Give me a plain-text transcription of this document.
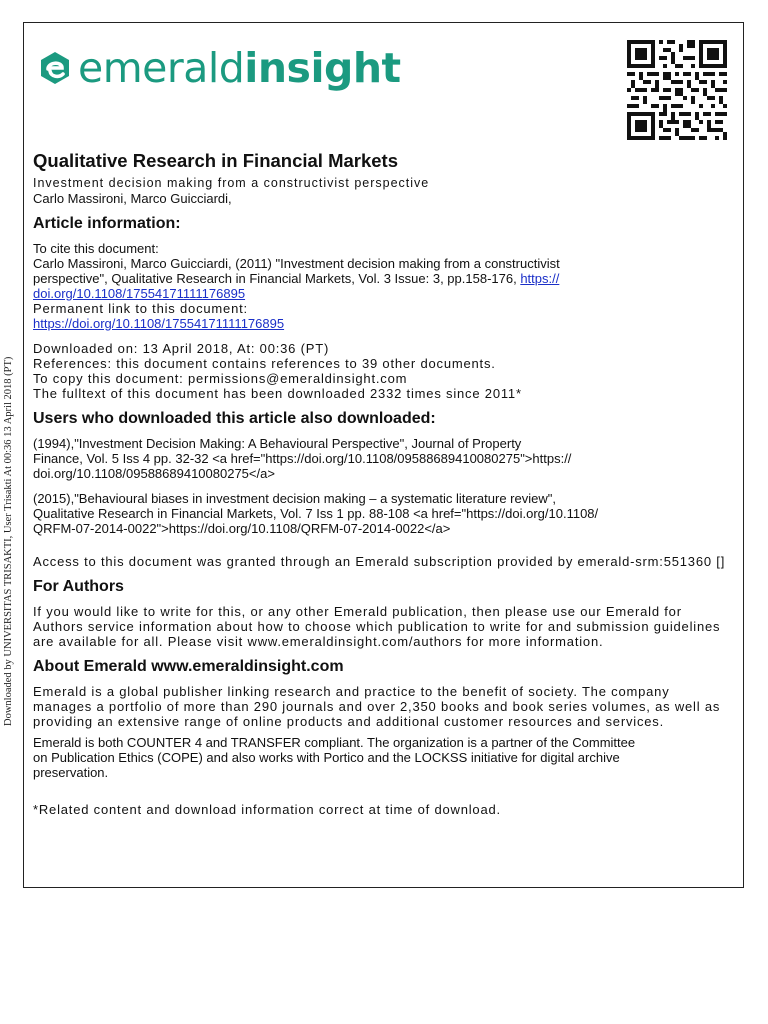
Downloaded by UNIVERSITAS TRISAKTI, User Trisakti At 00:36 13 April 2018 (PT)
emeraldinsight

Qualitative Research in Financial Markets

Investment decision making from a constructivist perspective

Carlo Massironi, Marco Guicciardi,

Article information:

To cite this document:

Carlo Massironi, Marco Guicciardi, (2011) "Investment decision making from a constructivist

perspective", Qualitative Research in Financial Markets, Vol. 3 Issue: 3, pp.158-176, https://

doi.org/10.1108/17554171111176895

Permanent link to this document:

https://doi.org/10.1108/17554171111176895

Downloaded on: 13 April 2018, At: 00:36 (PT)

References: this document contains references to 39 other documents.

To copy this document: permissions@emeraldinsight.com

The fulltext of this document has been downloaded 2332 times since 2011*

Users who downloaded this article also downloaded:

(1994),"Investment Decision Making: A Behavioural Perspective", Journal of Property

Finance, Vol. 5 Iss 4 pp. 32-32 <a href="https://doi.org/10.1108/09588689410080275">https://

doi.org/10.1108/09588689410080275</a>

(2015),"Behavioural biases in investment decision making – a systematic literature review",

Qualitative Research in Financial Markets, Vol. 7 Iss 1 pp. 88-108 <a href="https://doi.org/10.1108/

QRFM-07-2014-0022">https://doi.org/10.1108/QRFM-07-2014-0022</a>

Access to this document was granted through an Emerald subscription provided by emerald-srm:551360 []

For Authors

If you would like to write for this, or any other Emerald publication, then please use our Emerald for

Authors service information about how to choose which publication to write for and submission guidelines

are available for all. Please visit www.emeraldinsight.com/authors for more information.

About Emerald www.emeraldinsight.com

Emerald is a global publisher linking research and practice to the benefit of society. The company

manages a portfolio of more than 290 journals and over 2,350 books and book series volumes, as well as

providing an extensive range of online products and additional customer resources and services.

Emerald is both COUNTER 4 and TRANSFER compliant. The organization is a partner of the Committee

on Publication Ethics (COPE) and also works with Portico and the LOCKSS initiative for digital archive

preservation.

*Related content and download information correct at time of download.
